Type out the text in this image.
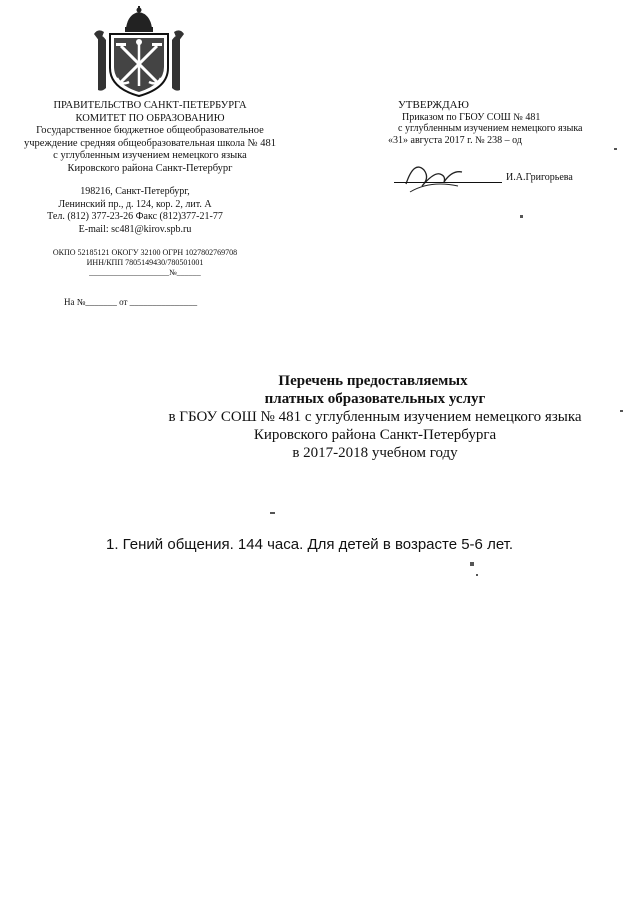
ПРАВИТЕЛЬСТВО САНКТ-ПЕТЕРБУРГА
КОМИТЕТ ПО ОБРАЗОВАНИЮ
Государственное бюджетное общеобразовательное
учреждение средняя общеобразовательная школа № 481
с углубленным изучением немецкого языка
Кировского района Санкт-Петербург
198216, Санкт-Петербург,
Ленинский пр., д. 124, кор. 2, лит. А
Тел. (812) 377-23-26 Факс (812)377-21-77
E-mail: sc481@kirov.spb.ru
ОКПО 52185121 ОКОГУ 32100 ОГРН 1027802769708
ИНН/КПП 7805149430/780501001
____________________№______
На №_______ от _______________
УТВЕРЖДАЮ
Приказом по ГБОУ СОШ № 481
с углубленным изучением немецкого языка
«31» августа 2017 г. № 238 – од
И.А.Григорьева
Перечень предоставляемых
платных образовательных услуг
в ГБОУ СОШ № 481 с углубленным изучением немецкого языка
Кировского района Санкт-Петербурга
в 2017-2018 учебном году
1. Гений общения. 144 часа. Для детей в возрасте 5-6 лет.
